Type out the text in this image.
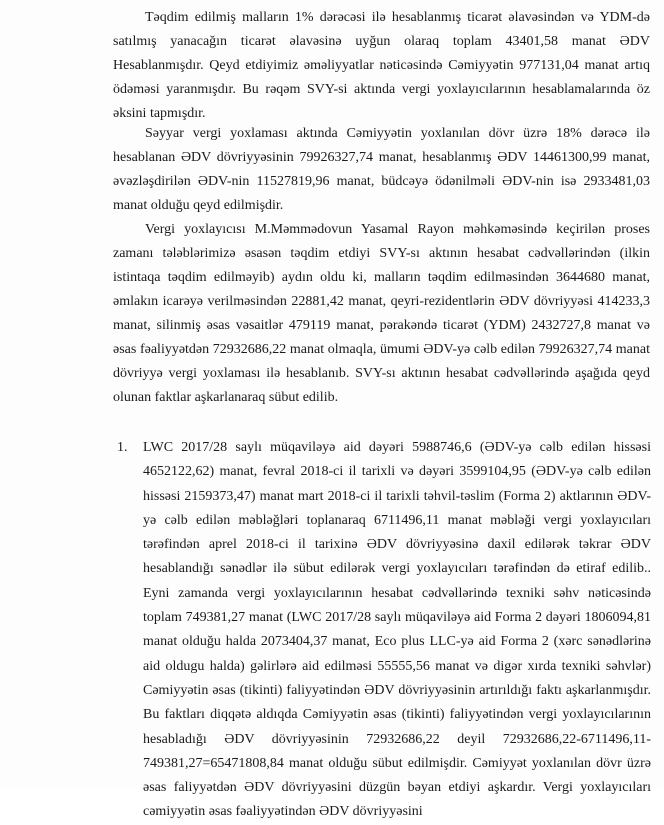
Təqdim edilmiş malların 1% dərəcəsi ilə hesablanmış ticarət əlavəsindən və YDM-də satılmış yanacağın ticarət əlavəsinə uyğun olaraq toplam 43401,58 manat ƏDV Hesablanmışdır. Qeyd etdiyimiz əməliyyatlar nəticəsində Cəmiyyətin 977131,04 manat artıq ödəməsi yaranmışdır. Bu rəqəm SVY-si aktında vergi yoxlayıcılarının hesablamalarında öz əksini tapmışdır.

Səyyar vergi yoxlaması aktında Cəmiyyətin yoxlanılan dövr üzrə 18% dərəcə ilə hesablanan ƏDV dövriyyəsinin 79926327,74 manat, hesablanmış ƏDV 14461300,99 manat, əvəzləşdirilən ƏDV-nin 11527819,96 manat, büdcəyə ödənilməli ƏDV-nin isə 2933481,03 manat olduğu qeyd edilmişdir.

Vergi yoxlayıcısı M.Məmmədovun Yasamal Rayon məhkəməsində keçirilən proses zamanı tələblərimizə əsasən təqdim etdiyi SVY-sı aktının hesabat cədvəllərindən (ilkin istintaqa təqdim edilməyib) aydın oldu ki, malların təqdim edilməsindən 3644680 manat, əmlakın icarəyə verilməsindən 22881,42 manat, qeyri-rezidentlərin ƏDV dövriyyəsi 414233,3 manat, silinmiş əsas vəsaitlər 479119 manat, pərakəndə ticarət (YDM) 2432727,8 manat və əsas fəaliyyətdən 72932686,22 manat olmaqla, ümumi ƏDV-yə cəlb edilən 79926327,74 manat dövriyyə vergi yoxlaması ilə hesablanıb. SVY-sı aktının hesabat cədvəllərində aşağıda qeyd olunan faktlar aşkarlanaraq sübut edilib.

1. LWC 2017/28 saylı müqaviləyə aid dəyəri 5988746,6 (ƏDV-yə cəlb edilən hissəsi 4652122,62) manat, fevral 2018-ci il tarixli və dəyəri 3599104,95 (ƏDV-yə cəlb edilən hissəsi 2159373,47) manat mart 2018-ci il tarixli təhvil-təslim (Forma 2) aktlarının ƏDV-yə cəlb edilən məbləğləri toplanaraq 6711496,11 manat məbləği vergi yoxlayıcıları tərəfindən aprel 2018-ci il tarixinə ƏDV dövriyyəsinə daxil edilərək təkrar ƏDV hesablandığı sənədlər ilə sübut edilərək vergi yoxlayıcıları tərəfindən də etiraf edilib.. Eyni zamanda vergi yoxlayıcılarının hesabat cədvəllərində texniki səhv nəticəsində toplam 749381,27 manat (LWC 2017/28 saylı müqaviləyə aid Forma 2 dəyəri 1806094,81 manat olduğu halda 2073404,37 manat, Eco plus LLC-yə aid Forma 2 (xərc sənədlərinə aid oldugu halda) gəlirlərə aid edilməsi 55555,56 manat və digər xırda texniki səhvlər) Cəmiyyətin əsas (tikinti) faliyyətindən ƏDV dövriyyəsinin artırıldığı faktı aşkarlanmışdır. Bu faktları diqqətə aldıqda Cəmiyyətin əsas (tikinti) faliyyətindən vergi yoxlayıcılarının hesabladığı ƏDV dövriyyəsinin 72932686,22 deyil 72932686,22-6711496,11-749381,27=65471808,84 manat olduğu sübut edilmişdir. Cəmiyyət yoxlanılan dövr üzrə əsas faliyyətdən ƏDV dövriyyəsini düzgün bəyan etdiyi aşkardır. Vergi yoxlayıcıları cəmiyyətin əsas fəaliyyətindən ƏDV dövriyyəsini
